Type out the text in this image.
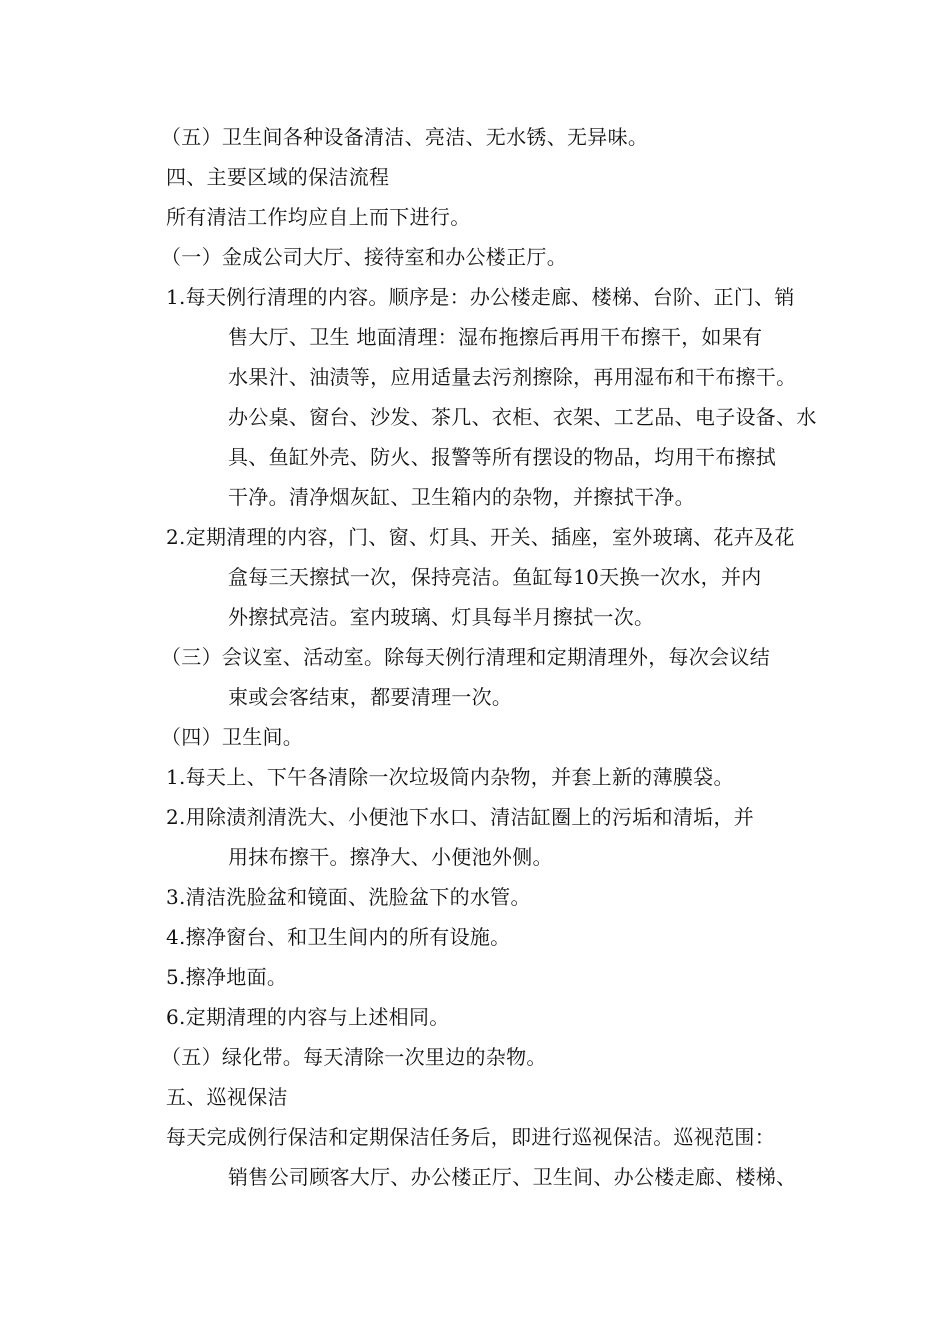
（五）卫生间各种设备清洁、亮洁、无水锈、无异味。
四、主要区域的保洁流程
所有清洁工作均应自上而下进行。
（一）金成公司大厅、接待室和办公楼正厅。
1.每天例行清理的内容。顺序是：办公楼走廊、楼梯、台阶、正门、销
售大厅、卫生 地面清理：湿布拖擦后再用干布擦干，如果有
水果汁、油渍等，应用适量去污剂擦除，再用湿布和干布擦干。
办公桌、窗台、沙发、茶几、衣柜、衣架、工艺品、电子设备、水
具、鱼缸外壳、防火、报警等所有摆设的物品，均用干布擦拭
干净。清净烟灰缸、卫生箱内的杂物，并擦拭干净。
2.定期清理的内容，门、窗、灯具、开关、插座，室外玻璃、花卉及花
盒每三天擦拭一次，保持亮洁。鱼缸每10天换一次水，并内
外擦拭亮洁。室内玻璃、灯具每半月擦拭一次。
（三）会议室、活动室。除每天例行清理和定期清理外，每次会议结
束或会客结束，都要清理一次。
（四）卫生间。
1.每天上、下午各清除一次垃圾筒内杂物，并套上新的薄膜袋。
2.用除渍剂清洗大、小便池下水口、清洁缸圈上的污垢和清垢，并
用抹布擦干。擦净大、小便池外侧。
3.清洁洗脸盆和镜面、洗脸盆下的水管。
4.擦净窗台、和卫生间内的所有设施。
5.擦净地面。
6.定期清理的内容与上述相同。
（五）绿化带。每天清除一次里边的杂物。
五、巡视保洁
每天完成例行保洁和定期保洁任务后，即进行巡视保洁。巡视范围：
销售公司顾客大厅、办公楼正厅、卫生间、办公楼走廊、楼梯、
